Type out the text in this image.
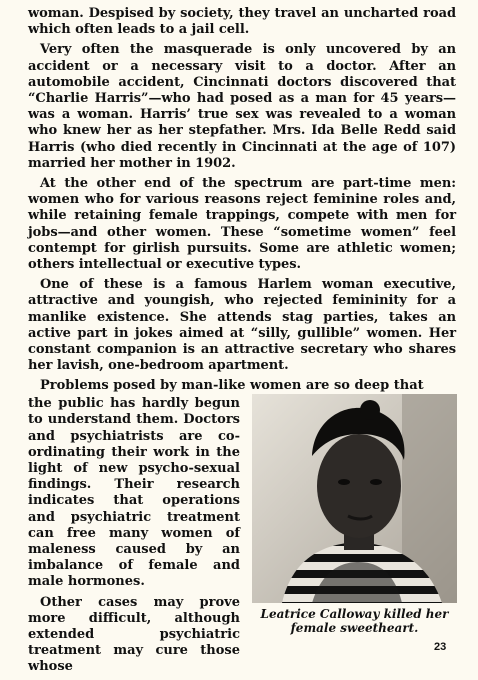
woman. Despised by society, they travel an uncharted road which often leads to a jail cell.

Very often the masquerade is only uncovered by an accident or a necessary visit to a doctor. After an automobile accident, Cincinnati doctors discovered that “Charlie Harris”—who had posed as a man for 45 years—was a woman. Harris’ true sex was revealed to a woman who knew her as her stepfather. Mrs. Ida Belle Redd said Harris (who died recently in Cincinnati at the age of 107) married her mother in 1902.

At the other end of the spectrum are part-time men: women who for various reasons reject feminine roles and, while retaining female trappings, compete with men for jobs—and other women. These “sometime women” feel contempt for girlish pursuits. Some are athletic women; others intellectual or executive types.

One of these is a famous Harlem woman executive, attractive and youngish, who rejected femininity for a manlike existence. She attends stag parties, takes an active part in jokes aimed at “silly, gullible” women. Her constant companion is an attractive secretary who shares her lavish, one-bedroom apartment.

Problems posed by man-like women are so deep that

the public has hardly begun to understand them. Doctors and psychiatrists are co-ordinating their work in the light of new psycho-sexual findings. Their research indicates that operations and psychiatric treatment can free many women of maleness caused by an imbalance of female and male hormones.

Other cases may prove more difficult, although extended psychiatric treatment may cure those whose

Leatrice Calloway killed her
female sweetheart.
23
